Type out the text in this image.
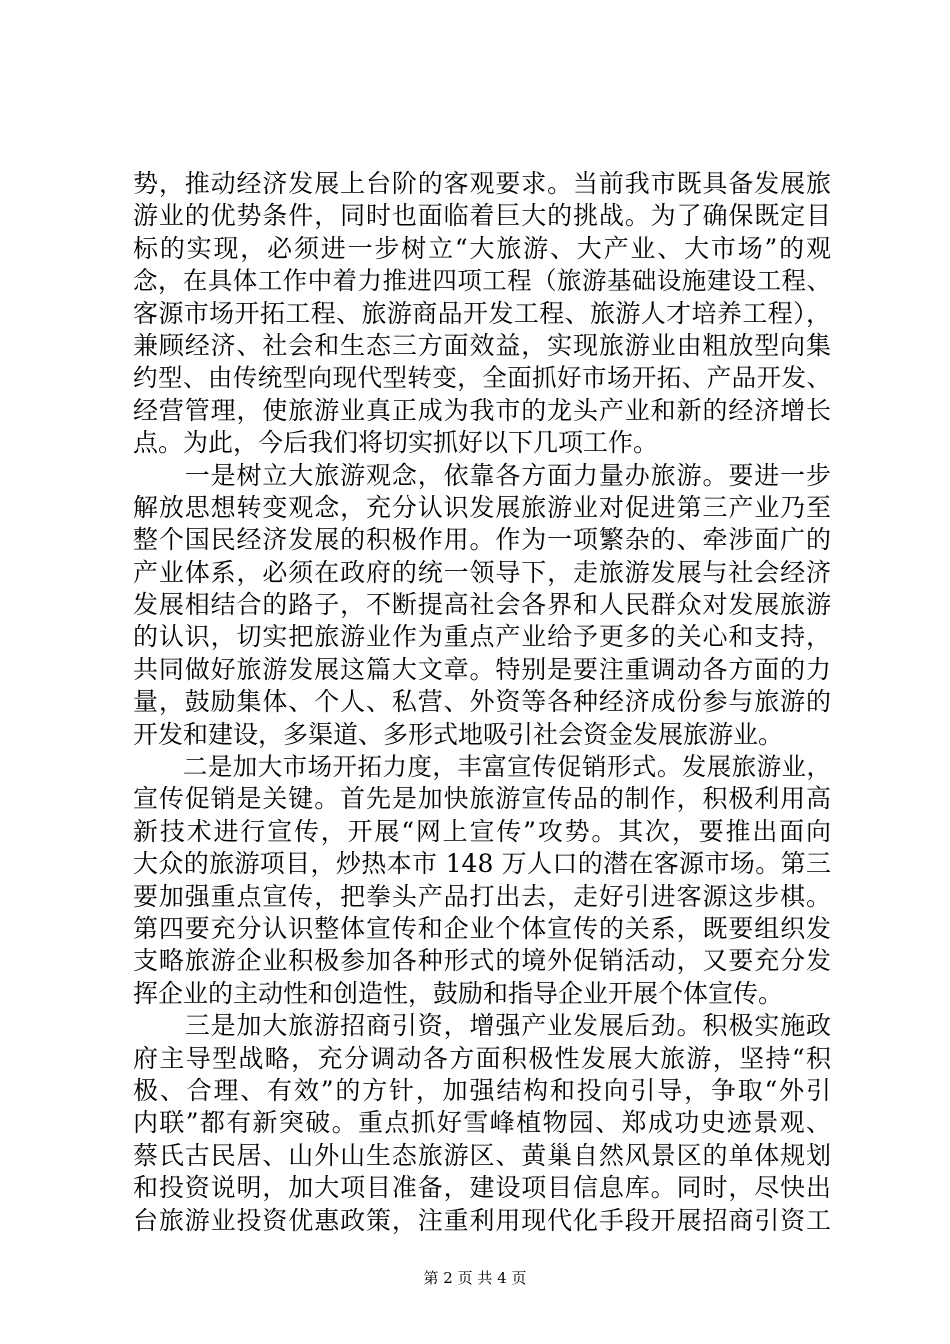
势，推动经济发展上台阶的客观要求。当前我市既具备发展旅
游业的优势条件，同时也面临着巨大的挑战。为了确保既定目
标的实现，必须进一步树立“大旅游、大产业、大市场”的观
念，在具体工作中着力推进四项工程（旅游基础设施建设工程、
客源市场开拓工程、旅游商品开发工程、旅游人才培养工程），
兼顾经济、社会和生态三方面效益，实现旅游业由粗放型向集
约型、由传统型向现代型转变，全面抓好市场开拓、产品开发、
经营管理，使旅游业真正成为我市的龙头产业和新的经济增长
点。为此，今后我们将切实抓好以下几项工作。
　　一是树立大旅游观念，依靠各方面力量办旅游。要进一步
解放思想转变观念，充分认识发展旅游业对促进第三产业乃至
整个国民经济发展的积极作用。作为一项繁杂的、牵涉面广的
产业体系，必须在政府的统一领导下，走旅游发展与社会经济
发展相结合的路子，不断提高社会各界和人民群众对发展旅游
的认识，切实把旅游业作为重点产业给予更多的关心和支持，
共同做好旅游发展这篇大文章。特别是要注重调动各方面的力
量，鼓励集体、个人、私营、外资等各种经济成份参与旅游的
开发和建设，多渠道、多形式地吸引社会资金发展旅游业。
　　二是加大市场开拓力度，丰富宣传促销形式。发展旅游业，
宣传促销是关键。首先是加快旅游宣传品的制作，积极利用高
新技术进行宣传，开展“网上宣传”攻势。其次，要推出面向
大众的旅游项目，炒热本市 148 万人口的潜在客源市场。第三
要加强重点宣传，把拳头产品打出去，走好引进客源这步棋。
第四要充分认识整体宣传和企业个体宣传的关系，既要组织发
支略旅游企业积极参加各种形式的境外促销活动，又要充分发
挥企业的主动性和创造性，鼓励和指导企业开展个体宣传。
　　三是加大旅游招商引资，增强产业发展后劲。积极实施政
府主导型战略，充分调动各方面积极性发展大旅游，坚持“积
极、合理、有效”的方针，加强结构和投向引导，争取“外引
内联”都有新突破。重点抓好雪峰植物园、郑成功史迹景观、
蔡氏古民居、山外山生态旅游区、黄巢自然风景区的单体规划
和投资说明，加大项目准备，建设项目信息库。同时，尽快出
台旅游业投资优惠政策，注重利用现代化手段开展招商引资工
第 2 页 共 4 页
